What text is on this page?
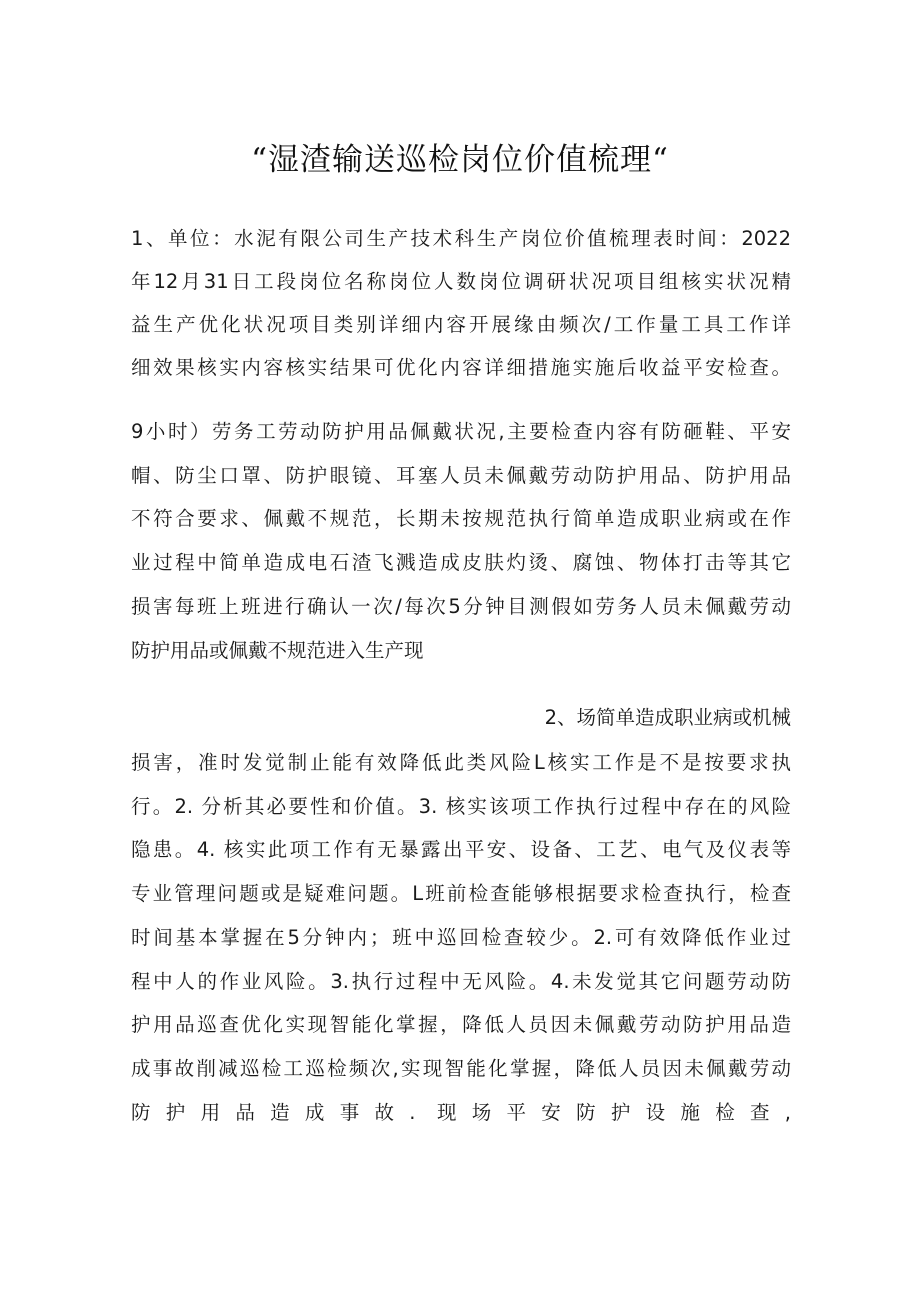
“湿渣输送巡检岗位价值梳理“
1、单位：水泥有限公司生产技术科生产岗位价值梳理表时间：2022
年12月31日工段岗位名称岗位人数岗位调研状况项目组核实状况精
益生产优化状况项目类别详细内容开展缘由频次/工作量工具工作详
细效果核实内容核实结果可优化内容详细措施实施后收益平安检查。
9小时）劳务工劳动防护用品佩戴状况,主要检查内容有防砸鞋、平安
帽、防尘口罩、防护眼镜、耳塞人员未佩戴劳动防护用品、防护用品
不符合要求、佩戴不规范，长期未按规范执行简单造成职业病或在作
业过程中简单造成电石渣飞溅造成皮肤灼烫、腐蚀、物体打击等其它
损害每班上班进行确认一次/每次5分钟目测假如劳务人员未佩戴劳动
防护用品或佩戴不规范进入生产现
2、场简单造成职业病或机械
损害，准时发觉制止能有效降低此类风险L核实工作是不是按要求执
行。2. 分析其必要性和价值。3. 核实该项工作执行过程中存在的风险
隐患。4. 核实此项工作有无暴露出平安、设备、工艺、电气及仪表等
专业管理问题或是疑难问题。L班前检查能够根据要求检查执行，检查
时间基本掌握在5分钟内；班中巡回检查较少。2.可有效降低作业过
程中人的作业风险。3.执行过程中无风险。4.未发觉其它问题劳动防
护用品巡查优化实现智能化掌握，降低人员因未佩戴劳动防护用品造
成事故削减巡检工巡检频次,实现智能化掌握，降低人员因未佩戴劳动
防护用品造成事故. 现场平安防护设施检查,
